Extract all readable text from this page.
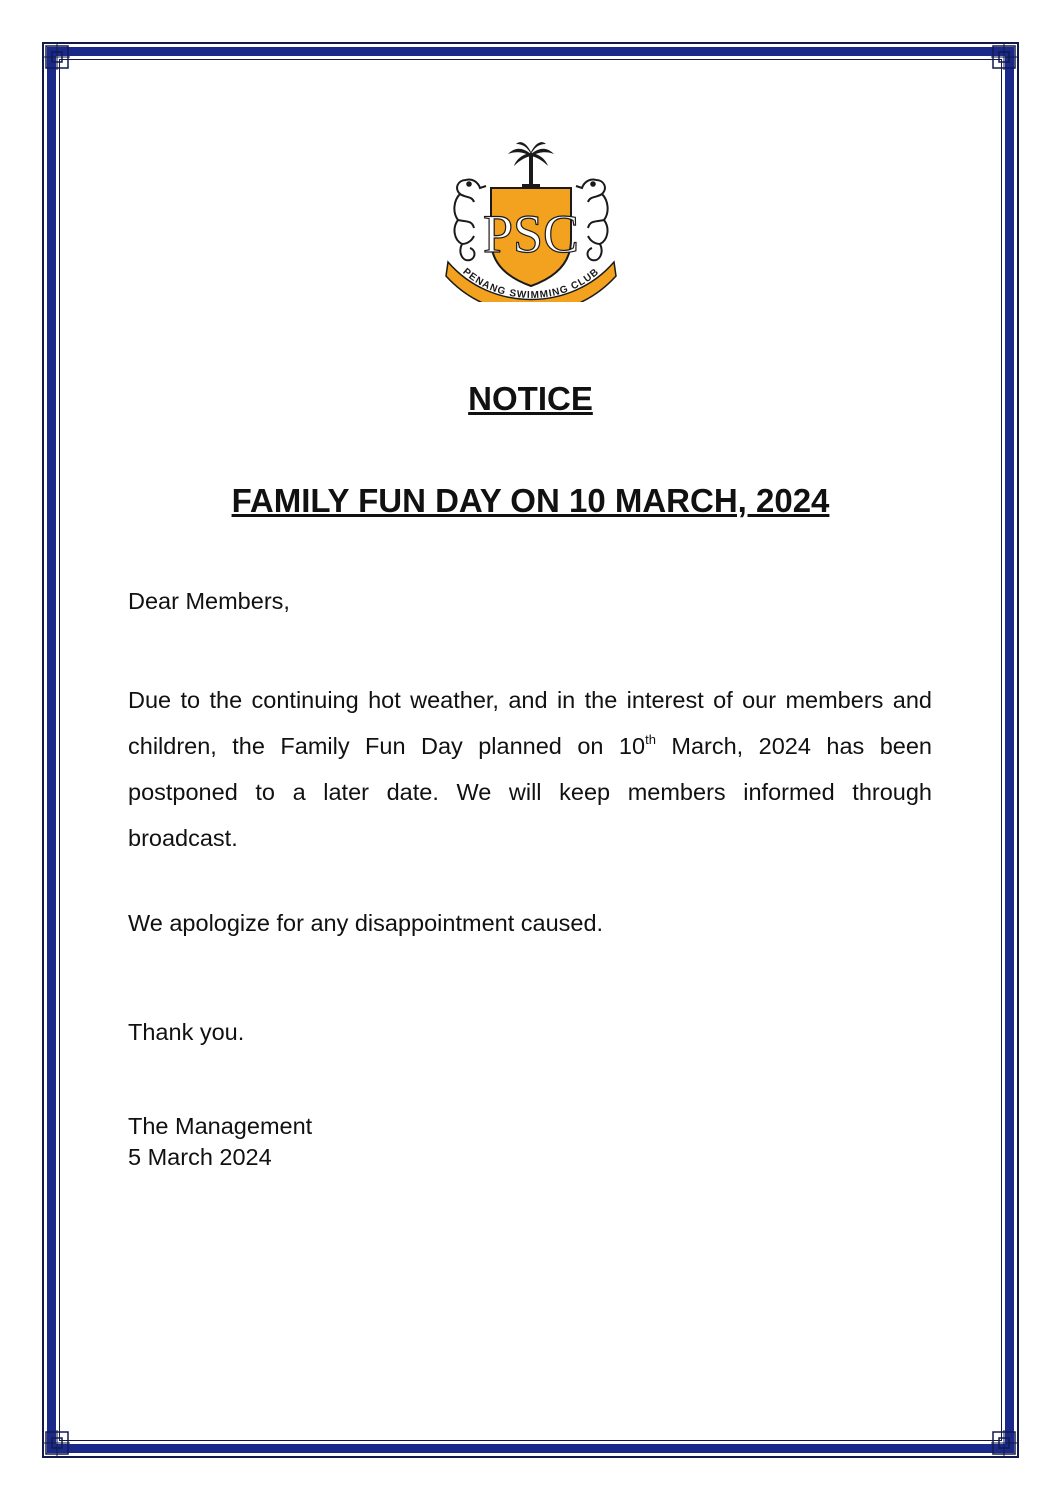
PSC
PENANG SWIMMING CLUB
NOTICE
FAMILY FUN DAY ON 10 MARCH, 2024

Dear Members,

Due to the continuing hot weather, and in the interest of our members and children, the Family Fun Day planned on 10th March, 2024 has been postponed to a later date. We will keep members informed through broadcast.

We apologize for any disappointment caused.

Thank you.

The Management
5 March 2024
